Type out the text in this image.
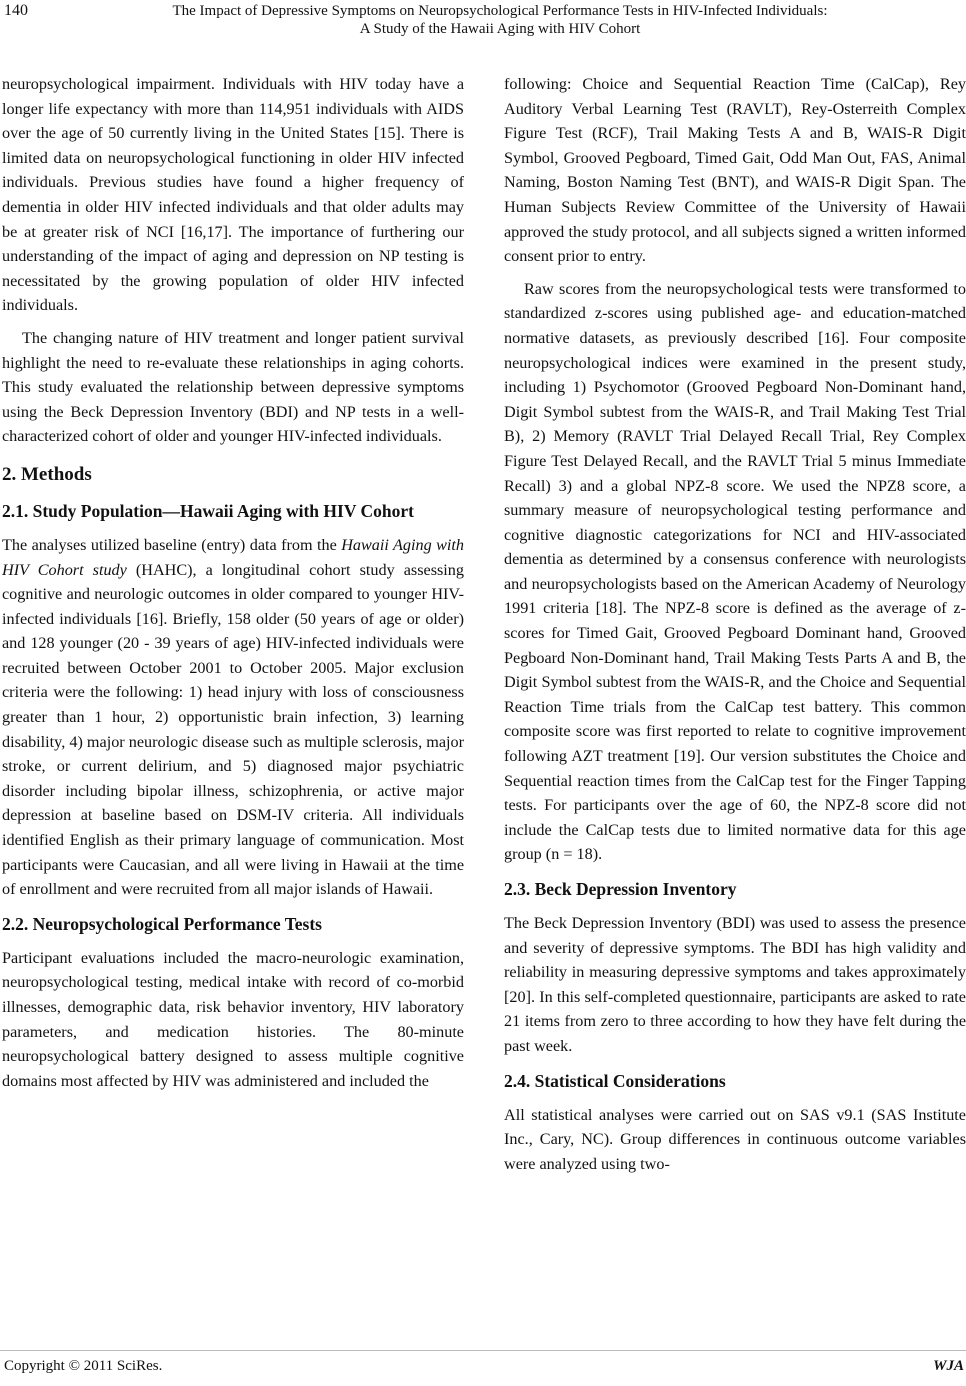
140	The Impact of Depressive Symptoms on Neuropsychological Performance Tests in HIV-Infected Individuals:
A Study of the Hawaii Aging with HIV Cohort

neuropsychological impairment. Individuals with HIV today have a longer life expectancy with more than 114,951 individuals with AIDS over the age of 50 currently living in the United States [15]. There is limited data on neuropsychological functioning in older HIV infected individuals. Previous studies have found a higher frequency of dementia in older HIV infected individuals and that older adults may be at greater risk of NCI [16,17]. The importance of furthering our understanding of the impact of aging and depression on NP testing is necessitated by the growing population of older HIV infected individuals.

The changing nature of HIV treatment and longer patient survival highlight the need to re-evaluate these relationships in aging cohorts. This study evaluated the relationship between depressive symptoms using the Beck Depression Inventory (BDI) and NP tests in a well-characterized cohort of older and younger HIV-infected individuals.

2. Methods
2.1. Study Population—Hawaii Aging with HIV Cohort

The analyses utilized baseline (entry) data from the Hawaii Aging with HIV Cohort study (HAHC), a longitudinal cohort study assessing cognitive and neurologic outcomes in older compared to younger HIV-infected individuals [16]. Briefly, 158 older (50 years of age or older) and 128 younger (20 - 39 years of age) HIV-infected individuals were recruited between October 2001 to October 2005. Major exclusion criteria were the following: 1) head injury with loss of consciousness greater than 1 hour, 2) opportunistic brain infection, 3) learning disability, 4) major neurologic disease such as multiple sclerosis, major stroke, or current delirium, and 5) diagnosed major psychiatric disorder including bipolar illness, schizophrenia, or active major depression at baseline based on DSM-IV criteria. All individuals identified English as their primary language of communication. Most participants were Caucasian, and all were living in Hawaii at the time of enrollment and were recruited from all major islands of Hawaii.

2.2. Neuropsychological Performance Tests

Participant evaluations included the macro-neurologic examination, neuropsychological testing, medical intake with record of co-morbid illnesses, demographic data, risk behavior inventory, HIV laboratory parameters, and medication histories. The 80-minute neuropsychological battery designed to assess multiple cognitive domains most affected by HIV was administered and included the

following: Choice and Sequential Reaction Time (CalCap), Rey Auditory Verbal Learning Test (RAVLT), Rey-Osterreith Complex Figure Test (RCF), Trail Making Tests A and B, WAIS-R Digit Symbol, Grooved Pegboard, Timed Gait, Odd Man Out, FAS, Animal Naming, Boston Naming Test (BNT), and WAIS-R Digit Span. The Human Subjects Review Committee of the University of Hawaii approved the study protocol, and all subjects signed a written informed consent prior to entry.

Raw scores from the neuropsychological tests were transformed to standardized z-scores using published age- and education-matched normative datasets, as previously described [16]. Four composite neuropsychological indices were examined in the present study, including 1) Psychomotor (Grooved Pegboard Non-Dominant hand, Digit Symbol subtest from the WAIS-R, and Trail Making Test Trial B), 2) Memory (RAVLT Trial Delayed Recall Trial, Rey Complex Figure Test Delayed Recall, and the RAVLT Trial 5 minus Immediate Recall) 3) and a global NPZ-8 score. We used the NPZ8 score, a summary measure of neuropsychological testing performance and cognitive diagnostic categorizations for NCI and HIV-associated dementia as determined by a consensus conference with neurologists and neuropsychologists based on the American Academy of Neurology 1991 criteria [18]. The NPZ-8 score is defined as the average of z-scores for Timed Gait, Grooved Pegboard Dominant hand, Grooved Pegboard Non-Dominant hand, Trail Making Tests Parts A and B, the Digit Symbol subtest from the WAIS-R, and the Choice and Sequential Reaction Time trials from the CalCap test battery. This common composite score was first reported to relate to cognitive improvement following AZT treatment [19]. Our version substitutes the Choice and Sequential reaction times from the CalCap test for the Finger Tapping tests. For participants over the age of 60, the NPZ-8 score did not include the CalCap tests due to limited normative data for this age group (n = 18).

2.3. Beck Depression Inventory

The Beck Depression Inventory (BDI) was used to assess the presence and severity of depressive symptoms. The BDI has high validity and reliability in measuring depressive symptoms and takes approximately [20]. In this self-completed questionnaire, participants are asked to rate 21 items from zero to three according to how they have felt during the past week.

2.4. Statistical Considerations

All statistical analyses were carried out on SAS v9.1 (SAS Institute Inc., Cary, NC). Group differences in continuous outcome variables were analyzed using two-

Copyright © 2011 SciRes.	WJA
